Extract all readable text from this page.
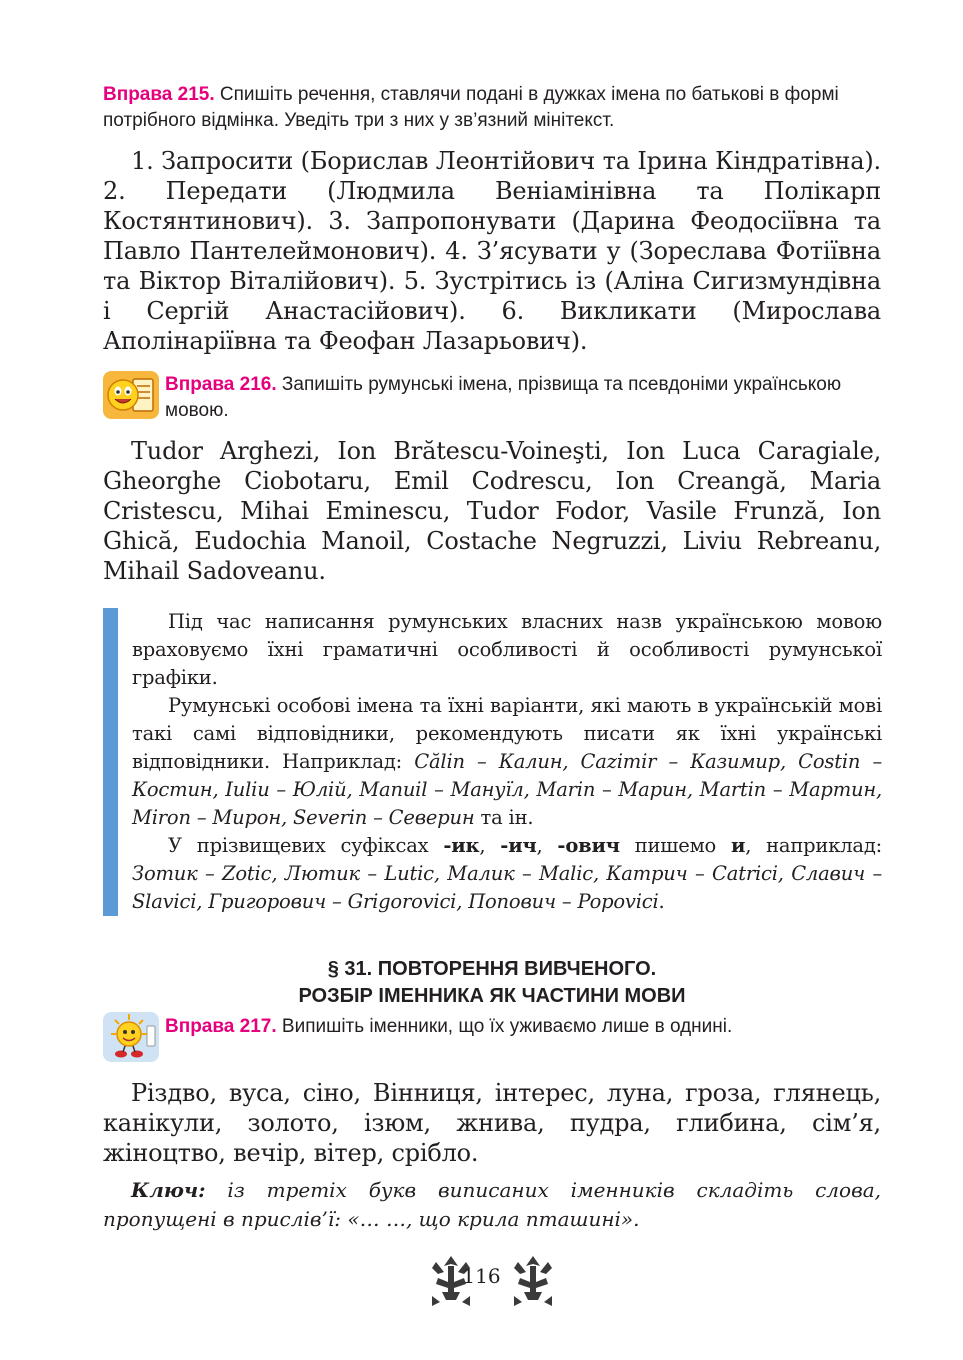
Вправа 215. Спишіть речення, ставлячи подані в дужках імена по батькові в формі потрібного відмінка. Уведіть три з них у зв’язний мінітекст.

1. Запросити (Борислав Леонтійович та Ірина Кіндратівна). 2. Передати (Людмила Веніамінівна та Полікарп Костянтинович). 3. Запропонувати (Дарина Феодосіївна та Павло Пантелеймонович). 4. З’ясувати у (Зореслава Фотіївна та Віктор Віталійович). 5. Зустрітись із (Аліна Сигизмундівна і Сергій Анастасійович). 6. Викликати (Мирослава Аполінаріївна та Феофан Лазарьович).

Вправа 216. Запишіть румунські імена, прізвища та псевдоніми українською мовою.

Tudor Arghezi, Ion Brătescu-Voineşti, Ion Luca Caragiale, Gheorghe Ciobotaru, Emil Codrescu, Ion Creangă, Maria Cristescu, Mihai Eminescu, Tudor Fodor, Vasile Frunză, Ion Ghică, Eudochia Manoil, Costache Negruzzi, Liviu Rebreanu, Mihail Sadoveanu.

Під час написання румунських власних назв українською мовою враховуємо їхні граматичні особливості й особливості румунської графіки.

Румунські особові імена та їхні варіанти, які мають в українській мові такі самі відповідники, рекомендують писати як їхні українські відповідники. Наприклад: Călin – Калин, Cazimir – Казимир, Costin – Костин, Iuliu – Юлій, Manuil – Мануїл, Marin – Марин, Martin – Мартин, Miron – Мирон, Severin – Северин та ін.

У прізвищевих суфіксах -ик, -ич, -ович пишемо и, наприклад: Зотик – Zotic, Лютик – Lutic, Малик – Malic, Катрич – Catrici, Славич – Slavici, Григорович – Grigorovici, Попович – Popovici.

§ 31. ПОВТОРЕННЯ ВИВЧЕНОГО.
РОЗБІР ІМЕННИКА ЯК ЧАСТИНИ МОВИ
Вправа 217. Випишіть іменники, що їх уживаємо лише в однині.

Різдво, вуса, сіно, Вінниця, інтерес, луна, гроза, глянець, канікули, золото, ізюм, жнива, пудра, глибина, сім’я, жіноцтво, вечір, вітер, срібло.

Ключ: із третіх букв виписаних іменників складіть слова, пропущені в прислів’ї: «… …, що крила пташині».
116
